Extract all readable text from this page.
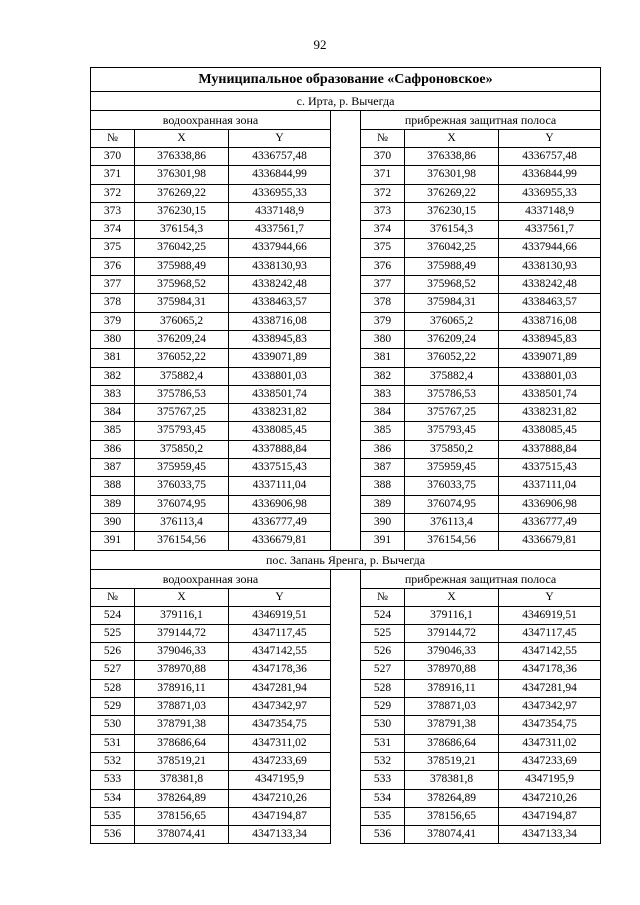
92
Муниципальное образование «Сафроновское»						
с. Ирта, р. Вычегда						
водоохранная зона				прибрежная защитная полоса		
№	X	Y		№	X	Y
370	376338,86	4336757,48		370	376338,86	4336757,48
371	376301,98	4336844,99		371	376301,98	4336844,99
372	376269,22	4336955,33		372	376269,22	4336955,33
373	376230,15	4337148,9		373	376230,15	4337148,9
374	376154,3	4337561,7		374	376154,3	4337561,7
375	376042,25	4337944,66		375	376042,25	4337944,66
376	375988,49	4338130,93		376	375988,49	4338130,93
377	375968,52	4338242,48		377	375968,52	4338242,48
378	375984,31	4338463,57		378	375984,31	4338463,57
379	376065,2	4338716,08		379	376065,2	4338716,08
380	376209,24	4338945,83		380	376209,24	4338945,83
381	376052,22	4339071,89		381	376052,22	4339071,89
382	375882,4	4338801,03		382	375882,4	4338801,03
383	375786,53	4338501,74		383	375786,53	4338501,74
384	375767,25	4338231,82		384	375767,25	4338231,82
385	375793,45	4338085,45		385	375793,45	4338085,45
386	375850,2	4337888,84		386	375850,2	4337888,84
387	375959,45	4337515,43		387	375959,45	4337515,43
388	376033,75	4337111,04		388	376033,75	4337111,04
389	376074,95	4336906,98		389	376074,95	4336906,98
390	376113,4	4336777,49		390	376113,4	4336777,49
391	376154,56	4336679,81		391	376154,56	4336679,81
пос. Запань Яренга, р. Вычегда						
водоохранная зона				прибрежная защитная полоса		
№	X	Y		№	X	Y
524	379116,1	4346919,51		524	379116,1	4346919,51
525	379144,72	4347117,45		525	379144,72	4347117,45
526	379046,33	4347142,55		526	379046,33	4347142,55
527	378970,88	4347178,36		527	378970,88	4347178,36
528	378916,11	4347281,94		528	378916,11	4347281,94
529	378871,03	4347342,97		529	378871,03	4347342,97
530	378791,38	4347354,75		530	378791,38	4347354,75
531	378686,64	4347311,02		531	378686,64	4347311,02
532	378519,21	4347233,69		532	378519,21	4347233,69
533	378381,8	4347195,9		533	378381,8	4347195,9
534	378264,89	4347210,26		534	378264,89	4347210,26
535	378156,65	4347194,87		535	378156,65	4347194,87
536	378074,41	4347133,34		536	378074,41	4347133,34
